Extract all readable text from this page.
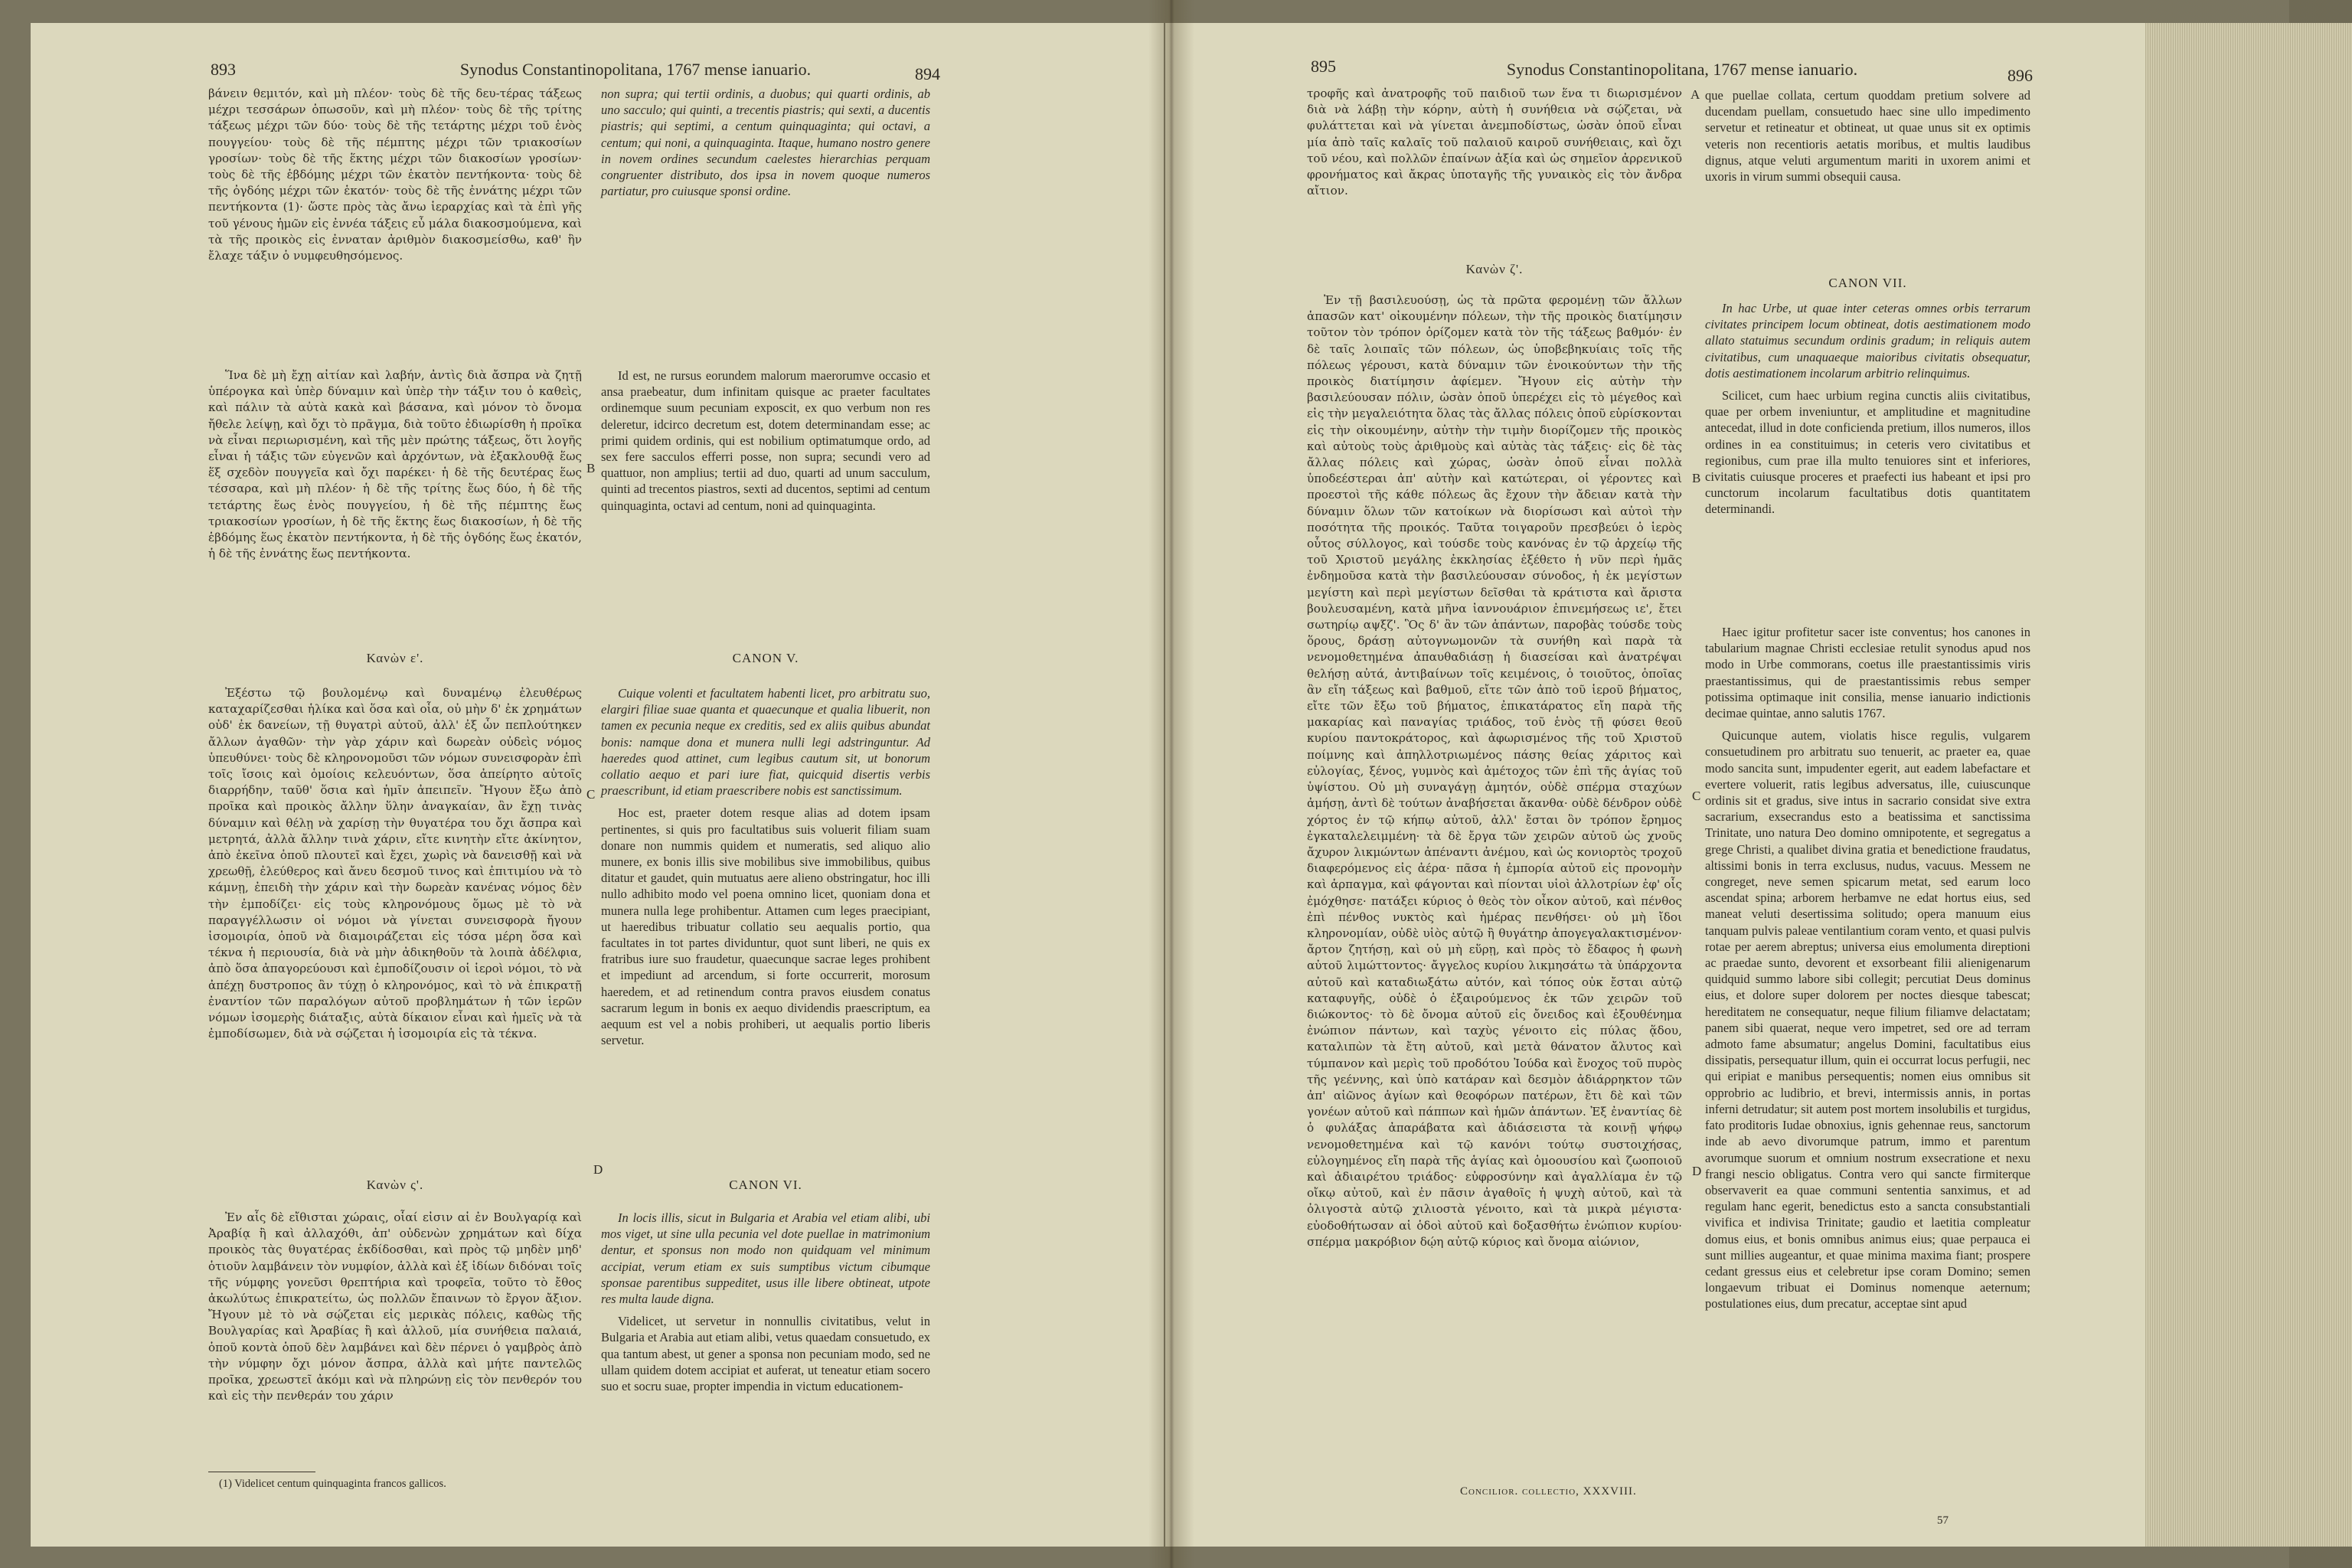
893	Synodus Constantinopolitana, 1767 mense ianuario.	894

βάνειν θεμιτόν, καὶ μὴ πλέον· τοὺς δὲ τῆς δευ-τέρας τάξεως μέχρι τεσσάρων ὁπωσοῦν, καὶ μὴ πλέον· τοὺς δὲ τῆς τρίτης τάξεως μέχρι τῶν δύο· τοὺς δὲ τῆς τετάρτης μέχρι τοῦ ἑνὸς πουγγείου· τοὺς δὲ τῆς πέμπτης μέχρι τῶν τριακοσίων γροσίων· τοὺς δὲ τῆς ἕκτης μέχρι τῶν διακοσίων γροσίων· τοὺς δὲ τῆς ἑβδόμης μέχρι τῶν ἑκατὸν πεντήκοντα· τοὺς δὲ τῆς ὀγδόης μέχρι τῶν ἑκατόν· τοὺς δὲ τῆς ἐννάτης μέχρι τῶν πεντήκοντα (1)· ὥστε πρὸς τὰς ἄνω ἱεραρχίας καὶ τὰ ἐπὶ γῆς τοῦ γένους ἡμῶν εἰς ἐννέα τάξεις εὖ μάλα διακοσμούμενα, καὶ τὰ τῆς προικὸς εἰς ἐνναταν ἀριθμὸν διακοσμείσθω, καθ' ἣν ἔλαχε τάξιν ὁ νυμφευθησόμενος.

non supra; qui tertii ordinis, a duobus; qui quarti ordinis, ab uno sacculo; qui quinti, a trecentis piastris; qui sexti, a ducentis piastris; qui septimi, a centum quinquaginta; qui octavi, a centum; qui noni, a quinquaginta. Itaque, humano nostro genere in novem ordines secundum caelestes hierarchias perquam congruenter distributo, dos ipsa in novem quoque numeros partiatur, pro cuiusque sponsi ordine.

Ἵνα δὲ μὴ ἔχῃ αἰτίαν καὶ λαβήν, ἀντὶς διὰ ἄσπρα νὰ ζητῇ ὑπέρογκα καὶ ὑπὲρ δύναμιν καὶ ὑπὲρ τὴν τάξιν του ὁ καθεὶς, καὶ πάλιν τὰ αὐτὰ κακὰ καὶ βάσανα, καὶ μόνον τὸ ὄνομα ἤθελε λείψῃ, καὶ ὄχι τὸ πρᾶγμα, διὰ τοῦτο ἐδιωρίσθη ἡ προῖκα νὰ εἶναι περιωρισμένη, καὶ τῆς μὲν πρώτης τάξεως, ὅτι λογῆς εἶναι ἡ τάξις τῶν εὐγενῶν καὶ ἀρχόντων, νὰ ἐξακλουθᾷ ἕως ἕξ σχεδὸν πουγγεῖα καὶ ὄχι παρέκει· ἡ δὲ τῆς δευτέρας ἕως τέσσαρα, καὶ μὴ πλέον· ἡ δὲ τῆς τρίτης ἕως δύο, ἡ δὲ τῆς τετάρτης ἕως ἑνὸς πουγγείου, ἡ δὲ τῆς πέμπτης ἕως τριακοσίων γροσίων, ἡ δὲ τῆς ἕκτης ἕως διακοσίων, ἡ δὲ τῆς ἑβδόμης ἕως ἑκατὸν πεντήκοντα, ἡ δὲ τῆς ὀγδόης ἕως ἑκατόν, ἡ δὲ τῆς ἐννάτης ἕως πεντήκοντα.

Id est, ne rursus eorundem malorum maerorumve occasio et ansa praebeatur, dum infinitam quisque ac praeter facultates ordinemque suum pecuniam exposcit, ex quo verbum non res deleretur, idcirco decretum est, dotem determinandam esse; ac primi quidem ordinis, qui est nobilium optimatumque ordo, ad sex fere sacculos efferri posse, non supra; secundi vero ad quattuor, non amplius; tertii ad duo, quarti ad unum sacculum, quinti ad trecentos piastros, sexti ad ducentos, septimi ad centum quinquaginta, octavi ad centum, noni ad quinquaginta.

B
Κανὼν ε'.	CANON V.

Ἐξέστω τῷ βουλομένῳ καὶ δυναμένῳ ἐλευθέρως καταχαρίζεσθαι ἡλίκα καὶ ὅσα καὶ οἷα, οὐ μὴν δ' ἐκ χρημάτων οὐδ' ἐκ δανείων, τῇ θυγατρὶ αὐτοῦ, ἀλλ' ἐξ ὧν πεπλούτηκεν ἄλλων ἀγαθῶν· τὴν γὰρ χάριν καὶ δωρεὰν οὐδεὶς νόμος ὑπευθύνει· τοὺς δὲ κληρονομοῦσι τῶν νόμων συνεισφορὰν ἐπὶ τοῖς ἴσοις καὶ ὁμοίοις κελευόντων, ὅσα ἀπείρητο αὐτοῖς διαρρήδην, ταῦθ' ὅσια καὶ ἡμῖν ἀπειπεῖν. Ἤγουν ἔξω ἀπὸ προῖκα καὶ προικὸς ἄλλην ὕλην ἀναγκαίαν, ἂν ἔχῃ τινὰς δύναμιν καὶ θέλῃ νὰ χαρίσῃ τὴν θυγατέρα του ὄχι ἄσπρα καὶ μετρητά, ἀλλὰ ἄλλην τινὰ χάριν, εἴτε κινητὴν εἴτε ἀκίνητον, ἀπὸ ἐκεῖνα ὁποῦ πλουτεῖ καὶ ἔχει, χωρὶς νὰ δανεισθῇ καὶ νὰ χρεωθῇ, ἐλεύθερος καὶ ἄνευ δεσμοῦ τινος καὶ ἐπιτιμίου νὰ τὸ κάμνῃ, ἐπειδὴ τὴν χάριν καὶ τὴν δωρεὰν κανένας νόμος δὲν τὴν ἐμποδίζει· εἰς τοὺς κληρονόμους ὅμως μὲ τὸ νὰ παραγγέλλωσιν οἱ νόμοι νὰ γίνεται συνεισφορὰ ἤγουν ἰσομοιρία, ὁποῦ νὰ διαμοιράζεται εἰς τόσα μέρη ὅσα καὶ τέκνα ἡ περιουσία, διὰ νὰ μὴν ἀδικηθοῦν τὰ λοιπὰ ἀδέλφια, ἀπὸ ὅσα ἀπαγορεύουσι καὶ ἐμποδίζουσιν οἱ ἱεροὶ νόμοι, τὸ νὰ ἀπέχῃ δυστροπος ἂν τύχῃ ὁ κληρονόμος, καὶ τὸ νὰ ἐπικρατῇ ἐναντίον τῶν παραλόγων αὐτοῦ προβλημάτων ἡ τῶν ἱερῶν νόμων ἰσομερὴς διάταξις, αὐτὰ δίκαιον εἶναι καὶ ἡμεῖς νὰ τὰ ἐμποδίσωμεν, διὰ νὰ σῴζεται ἡ ἰσομοιρία εἰς τὰ τέκνα.

Cuique volenti et facultatem habenti licet, pro arbitratu suo, elargiri filiae suae quanta et quaecunque et qualia libuerit, non tamen ex pecunia neque ex creditis, sed ex aliis quibus abundat bonis: namque dona et munera nulli legi adstringuntur. Ad haeredes quod attinet, cum legibus cautum sit, ut bonorum collatio aequo et pari iure fiat, quicquid disertis verbis praescribunt, id etiam praescribere nobis est sanctissimum.

Hoc est, praeter dotem resque alias ad dotem ipsam pertinentes, si quis pro facultatibus suis voluerit filiam suam donare non nummis quidem et numeratis, sed aliquo alio munere, ex bonis illis sive mobilibus sive immobilibus, quibus ditatur et gaudet, quin mutuatus aere alieno obstringatur, hoc illi nullo adhibito modo vel poena omnino licet, quoniam dona et munera nulla lege prohibentur. Attamen cum leges praecipiant, ut haeredibus tribuatur collatio seu aequalis portio, qua facultates in tot partes dividuntur, quot sunt liberi, ne quis ex fratribus iure suo fraudetur, quaecunque sacrae leges prohibent et impediunt ad arcendum, si forte occurrerit, morosum haeredem, et ad retinendum contra pravos eiusdem conatus sacrarum legum in bonis ex aequo dividendis praescriptum, ea aequum est vel a nobis prohiberi, ut aequalis portio liberis servetur.

C
D
Κανὼν ς'.	CANON VI.

Ἐν αἷς δὲ εἴθισται χώραις, οἷαί εἰσιν αἱ ἐν Βουλγαρίᾳ καὶ Ἀραβίᾳ ἢ καὶ ἀλλαχόθι, ἀπ' οὐδενὼν χρημάτων καὶ δίχα προικὸς τὰς θυγατέρας ἐκδίδοσθαι, καὶ πρὸς τῷ μηδὲν μηδ' ὁτιοῦν λαμβάνειν τὸν νυμφίον, ἀλλὰ καὶ ἐξ ἰδίων διδόναι τοῖς τῆς νύμφης γονεῦσι θρεπτήρια καὶ τροφεῖα, τοῦτο τὸ ἔθος ἀκωλύτως ἐπικρατείτω, ὡς πολλῶν ἔπαινων τὸ ἔργον ἄξιον. Ἤγουν μὲ τὸ νὰ σῴζεται εἰς μερικὰς πόλεις, καθὼς τῆς Βουλγαρίας καὶ Ἀραβίας ἢ καὶ ἀλλοῦ, μία συνήθεια παλαιά, ὁποῦ κοντὰ ὁποῦ δὲν λαμβάνει καὶ δὲν πέρνει ὁ γαμβρὸς ἀπὸ τὴν νύμφην ὄχι μόνον ἄσπρα, ἀλλὰ καὶ μήτε παντελῶς προῖκα, χρεωστεῖ ἀκόμι καὶ νὰ πληρώνῃ εἰς τὸν πενθερόν του καὶ εἰς τὴν πενθεράν του χάριν

In locis illis, sicut in Bulgaria et Arabia vel etiam alibi, ubi mos viget, ut sine ulla pecunia vel dote puellae in matrimonium dentur, et sponsus non modo non quidquam vel minimum accipiat, verum etiam ex suis sumptibus victum cibumque sponsae parentibus suppeditet, usus ille libere obtineat, utpote res multa laude digna.

Videlicet, ut servetur in nonnullis civitatibus, velut in Bulgaria et Arabia aut etiam alibi, vetus quaedam consuetudo, ex qua tantum abest, ut gener a sponsa non pecuniam modo, sed ne ullam quidem dotem accipiat et auferat, ut teneatur etiam socero suo et socru suae, propter impendia in victum educationem-

(1) Videlicet centum quinquaginta francos gallicos.
895	Synodus Constantinopolitana, 1767 mense ianuario.	896

τροφῆς καὶ ἀνατροφῆς τοῦ παιδιοῦ των ἕνα τι διωρισμένον διὰ νὰ λάβῃ τὴν κόρην, αὐτὴ ἡ συνήθεια νὰ σῴζεται, νὰ φυλάττεται καὶ νὰ γίνεται ἀνεμποδίστως, ὡσὰν ὁποῦ εἶναι μία ἀπὸ ταῖς καλαῖς τοῦ παλαιοῦ καιροῦ συνήθειαις, καὶ ὄχι τοῦ νέου, καὶ πολλῶν ἐπαίνων ἀξία καὶ ὡς σημεῖον ἀρρενικοῦ φρονήματος καὶ ἄκρας ὑποταγῆς τῆς γυναικὸς εἰς τὸν ἄνδρα αἴτιον.

que puellae collata, certum quoddam pretium solvere ad ducendam puellam, consuetudo haec sine ullo impedimento servetur et retineatur et obtineat, ut quae unus sit ex optimis veteris non recentioris aetatis moribus, et multis laudibus dignus, atque veluti argumentum mariti in uxorem animi et uxoris in virum summi obsequii causa.

A
Κανὼν ζ'.
CANON VII.

Ἐν τῇ βασιλευούσῃ, ὡς τὰ πρῶτα φερομένῃ τῶν ἄλλων ἁπασῶν κατ' οἰκουμένην πόλεων, τὴν τῆς προικὸς διατίμησιν τοῦτον τὸν τρόπον ὁρίζομεν κατὰ τὸν τῆς τάξεως βαθμόν· ἐν δὲ ταῖς λοιπαῖς τῶν πόλεων, ὡς ὑποβεβηκυίαις τοῖς τῆς πόλεως γέρουσι, κατὰ δύναμιν τῶν ἐνοικούντων τὴν τῆς προικὸς διατίμησιν ἀφίεμεν. Ἤγουν εἰς αὐτὴν τὴν βασιλεύουσαν πόλιν, ὡσὰν ὁποῦ ὑπερέχει εἰς τὸ μέγεθος καὶ εἰς τὴν μεγαλειότητα ὅλας τὰς ἄλλας πόλεις ὁποῦ εὑρίσκονται εἰς τὴν οἰκουμένην, αὐτὴν τὴν τιμὴν διορίζομεν τῆς προικὸς καὶ αὐτοὺς τοὺς ἀριθμοὺς καὶ αὐτὰς τὰς τάξεις· εἰς δὲ τὰς ἄλλας πόλεις καὶ χώρας, ὡσὰν ὁποῦ εἶναι πολλὰ ὑποδεέστεραι ἀπ' αὐτὴν καὶ κατώτεραι, οἱ γέροντες καὶ προεστοὶ τῆς κάθε πόλεως ἂς ἔχουν τὴν ἄδειαν κατὰ τὴν δύναμιν ὅλων τῶν κατοίκων νὰ διορίσωσι καὶ αὐτοὶ τὴν ποσότητα τῆς προικός. Ταῦτα τοιγαροῦν πρεσβεύει ὁ ἱερὸς οὗτος σύλλογος, καὶ τούσδε τοὺς κανόνας ἐν τῷ ἀρχείῳ τῆς τοῦ Χριστοῦ μεγάλης ἐκκλησίας ἐξέθετο ἡ νῦν περὶ ἡμᾶς ἐνδημοῦσα κατὰ τὴν βασιλεύουσαν σύνοδος, ἡ ἐκ μεγίστων μεγίστη καὶ περὶ μεγίστων δεῖσθαι τὰ κράτιστα καὶ ἄριστα βουλευσαμένη, κατὰ μῆνα ἰαννουάριον ἐπινεμήσεως ιε', ἔτει σωτηρίῳ αψξζ'. Ὃς δ' ἂν τῶν ἁπάντων, παροβὰς τούσδε τοὺς ὅρους, δράσῃ αὐτογνωμονῶν τὰ συνήθη καὶ παρὰ τὰ νενομοθετημένα ἀπαυθαδιάσῃ ἡ διασείσαι καὶ ἀνατρέψαι θελήσῃ αὐτά, ἀντιβαίνων τοῖς κειμένοις, ὁ τοιοῦτος, ὁποῖας ἂν εἴη τάξεως καὶ βαθμοῦ, εἴτε τῶν ἀπὸ τοῦ ἱεροῦ βήματος, εἴτε τῶν ἔξω τοῦ βήματος, ἐπικατάρατος εἴη παρὰ τῆς μακαρίας καὶ παναγίας τριάδος, τοῦ ἑνὸς τῇ φύσει θεοῦ κυρίου παντοκράτορος, καὶ ἀφωρισμένος τῆς τοῦ Χριστοῦ ποίμνης καὶ ἀπηλλοτριωμένος πάσης θείας χάριτος καὶ εὐλογίας, ξένος, γυμνὸς καὶ ἀμέτοχος τῶν ἐπὶ τῆς ἁγίας τοῦ ὑψίστου. Οὐ μὴ συναγάγῃ ἀμητόν, οὐδὲ σπέρμα σταχύων ἀμήσῃ, ἀντὶ δὲ τούτων ἀναβήσεται ἄκανθα· οὐδὲ δένδρον οὐδὲ χόρτος ἐν τῷ κήπῳ αὐτοῦ, ἀλλ' ἔσται ὃν τρόπον ἔρημος ἐγκαταλελειμμένη· τὰ δὲ ἔργα τῶν χειρῶν αὐτοῦ ὡς χνοῦς ἄχυρον λικμώντων ἀπέναντι ἀνέμου, καὶ ὡς κονιορτὸς τροχοῦ διαφερόμενος εἰς ἀέρα· πᾶσα ἡ ἐμπορία αὐτοῦ εἰς προνομὴν καὶ ἁρπαγμα, καὶ φάγονται καὶ πίονται υἱοὶ ἀλλοτρίων ἐφ' οἷς ἐμόχθησε· πατάξει κύριος ὁ θεὸς τὸν οἶκον αὐτοῦ, καὶ πένθος ἐπὶ πένθος νυκτὸς καὶ ἡμέρας πενθήσει· οὐ μὴ ἴδοι κληρονομίαν, οὐδὲ υἱὸς αὐτῷ ἢ θυγάτηρ ἀπογεγαλακτισμένον· ἄρτον ζητήσῃ, καὶ οὐ μὴ εὕρῃ, καὶ πρὸς τὸ ἔδαφος ἡ φωνὴ αὐτοῦ λιμώττοντος· ἄγγελος κυρίου λικμησάτω τὰ ὑπάρχοντα αὐτοῦ καὶ καταδιωξάτω αὐτόν, καὶ τόπος οὐκ ἔσται αὐτῷ καταφυγῆς, οὐδὲ ὁ ἐξαιρούμενος ἐκ τῶν χειρῶν τοῦ διώκοντος· τὸ δὲ ὄνομα αὐτοῦ εἰς ὄνειδος καὶ ἐξουθένημα ἐνώπιον πάντων, καὶ ταχὺς γένοιτο εἰς πύλας ᾅδου, καταλιπὼν τὰ ἔτη αὐτοῦ, καὶ μετὰ θάνατον ἄλυτος καὶ τύμπανον καὶ μερὶς τοῦ προδότου Ἰούδα καὶ ἔνοχος τοῦ πυρὸς τῆς γεέννης, καὶ ὑπὸ κατάραν καὶ δεσμὸν ἀδιάρρηκτον τῶν ἀπ' αἰῶνος ἁγίων καὶ θεοφόρων πατέρων, ἔτι δὲ καὶ τῶν γονέων αὐτοῦ καὶ πάππων καὶ ἡμῶν ἁπάντων. Ἐξ ἐναντίας δὲ ὁ φυλάξας ἀπαράβατα καὶ ἀδιάσειστα τὰ κοινῇ ψήφῳ νενομοθετημένα καὶ τῷ κανόνι τούτῳ συστοιχήσας, εὐλογημένος εἴη παρὰ τῆς ἁγίας καὶ ὁμοουσίου καὶ ζωοποιοῦ καὶ ἀδιαιρέτου τριάδος· εὐφροσύνην καὶ ἀγαλλίαμα ἐν τῷ οἴκῳ αὐτοῦ, καὶ ἐν πᾶσιν ἀγαθοῖς ἡ ψυχὴ αὐτοῦ, καὶ τὰ ὀλιγοστὰ αὐτῷ χιλιοστὰ γένοιτο, καὶ τὰ μικρὰ μέγιστα· εὐοδοθήτωσαν αἱ ὁδοὶ αὐτοῦ καὶ δοξασθήτω ἐνώπιον κυρίου· σπέρμα μακρόβιον δῴη αὐτῷ κύριος καὶ ὄνομα αἰώνιον,

In hac Urbe, ut quae inter ceteras omnes orbis terrarum civitates principem locum obtineat, dotis aestimationem modo allato statuimus secundum ordinis gradum; in reliquis autem civitatibus, cum unaquaeque maioribus civitatis obsequatur, dotis aestimationem incolarum arbitrio relinquimus.

Scilicet, cum haec urbium regina cunctis aliis civitatibus, quae per orbem inveniuntur, et amplitudine et magnitudine antecedat, illud in dote conficienda pretium, illos numeros, illos ordines in ea constituimus; in ceteris vero civitatibus et regionibus, cum prae illa multo tenuiores sint et inferiores, civitatis cuiusque proceres et praefecti ius habeant et ipsi pro cunctorum incolarum facultatibus dotis quantitatem determinandi.

B

Haec igitur profitetur sacer iste conventus; hos canones in tabularium magnae Christi ecclesiae retulit synodus apud nos modo in Urbe commorans, coetus ille praestantissimis viris praestantissimus, qui de praestantissimis rebus semper potissima optimaque init consilia, mense ianuario indictionis decimae quintae, anno salutis 1767.

Quicunque autem, violatis hisce regulis, vulgarem consuetudinem pro arbitratu suo tenuerit, ac praeter ea, quae modo sancita sunt, impudenter egerit, aut eadem labefactare et evertere voluerit, ratis legibus adversatus, ille, cuiuscunque ordinis sit et gradus, sive intus in sacrario considat sive extra sacrarium, exsecrandus esto a beatissima et sanctissima Trinitate, uno natura Deo domino omnipotente, et segregatus a grege Christi, a qualibet divina gratia et benedictione fraudatus, altissimi bonis in terra exclusus, nudus, vacuus. Messem ne congreget, neve semen spicarum metat, sed earum loco ascendat spina; arborem herbamve ne edat hortus eius, sed maneat veluti desertissima solitudo; opera manuum eius tanquam pulvis paleae ventilantium coram vento, et quasi pulvis rotae per aerem abreptus; universa eius emolumenta direptioni ac praedae sunto, devorent et exsorbeant filii alienigenarum quidquid summo labore sibi collegit; percutiat Deus dominus eius, et dolore super dolorem per noctes diesque tabescat; hereditatem ne consequatur, neque filium filiamve delactatam; panem sibi quaerat, neque vero impetret, sed ore ad terram admoto fame absumatur; angelus Domini, facultatibus eius dissipatis, persequatur illum, quin ei occurrat locus perfugii, nec qui eripiat e manibus persequentis; nomen eius omnibus sit opprobrio ac ludibrio, et brevi, intermissis annis, in portas inferni detrudatur; sit autem post mortem insolubilis et turgidus, fato proditoris Iudae obnoxius, ignis gehennae reus, sanctorum inde ab aevo divorumque patrum, immo et parentum avorumque suorum et omnium nostrum exsecratione et nexu frangi nescio obligatus. Contra vero qui sancte firmiterque observaverit ea quae communi sententia sanximus, et ad regulam hanc egerit, benedictus esto a sancta consubstantiali vivifica et indivisa Trinitate; gaudio et laetitia compleatur domus eius, et bonis omnibus animus eius; quae perpauca ei sunt millies augeantur, et quae minima maxima fiant; prospere cedant gressus eius et celebretur ipse coram Domino; semen longaevum tribuat ei Dominus nomenque aeternum; postulationes eius, dum precatur, acceptae sint apud

C
D
Concilior. collectio, XXXVIII.
57
